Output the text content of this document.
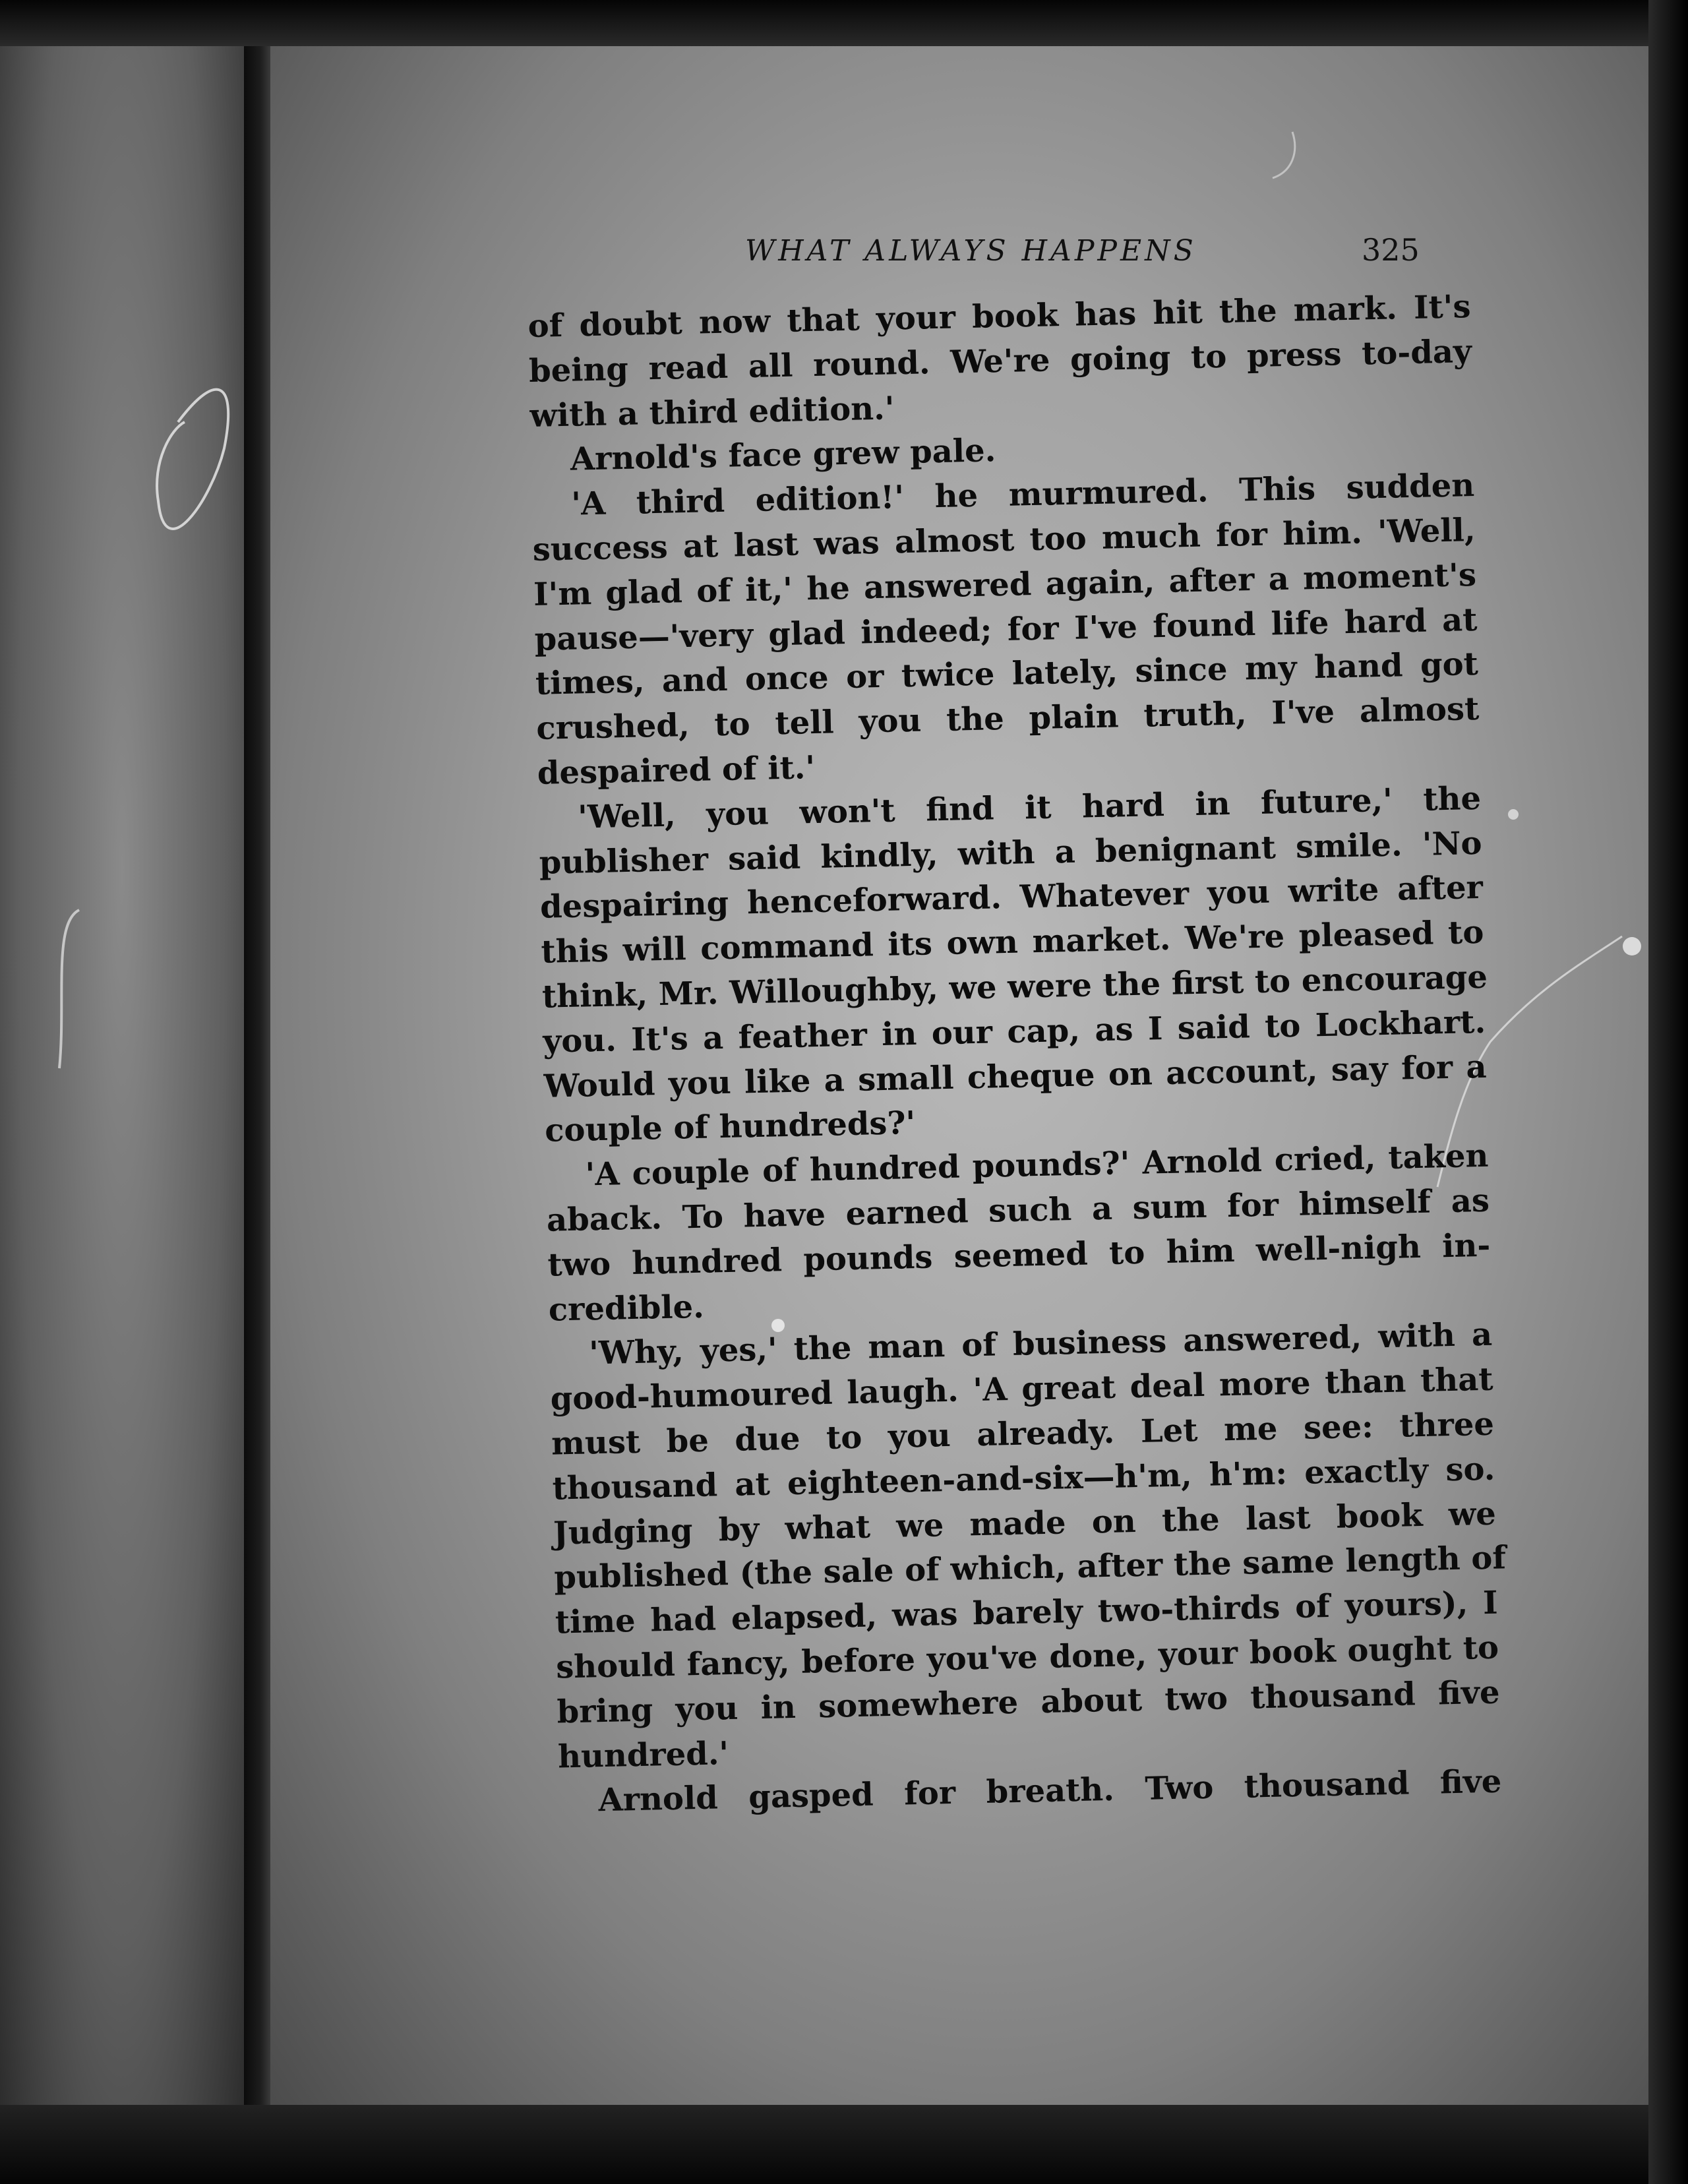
WHAT ALWAYS HAPPENS	325
of doubt now that your book has hit the mark. It's
being read all round. We're going to press to-day
with a third edition.'
Arnold's face grew pale.
'A third edition!' he murmured. This sudden
success at last was almost too much for him. 'Well,
I'm glad of it,' he answered again, after a moment's
pause—'very glad indeed; for I've found life hard at
times, and once or twice lately, since my hand got
crushed, to tell you the plain truth, I've almost
despaired of it.'
'Well, you won't find it hard in future,' the
publisher said kindly, with a benignant smile. 'No
despairing henceforward. Whatever you write after
this will command its own market. We're pleased to
think, Mr. Willoughby, we were the first to encourage
you. It's a feather in our cap, as I said to Lockhart.
Would you like a small cheque on account, say for a
couple of hundreds?'
'A couple of hundred pounds?' Arnold cried, taken
aback. To have earned such a sum for himself as
two hundred pounds seemed to him well-nigh in-
credible.
'Why, yes,' the man of business answered, with a
good-humoured laugh. 'A great deal more than that
must be due to you already. Let me see: three
thousand at eighteen-and-six—h'm, h'm: exactly so.
Judging by what we made on the last book we
published (the sale of which, after the same length of
time had elapsed, was barely two-thirds of yours), I
should fancy, before you've done, your book ought to
bring you in somewhere about two thousand five
hundred.'
Arnold gasped for breath. Two thousand five
